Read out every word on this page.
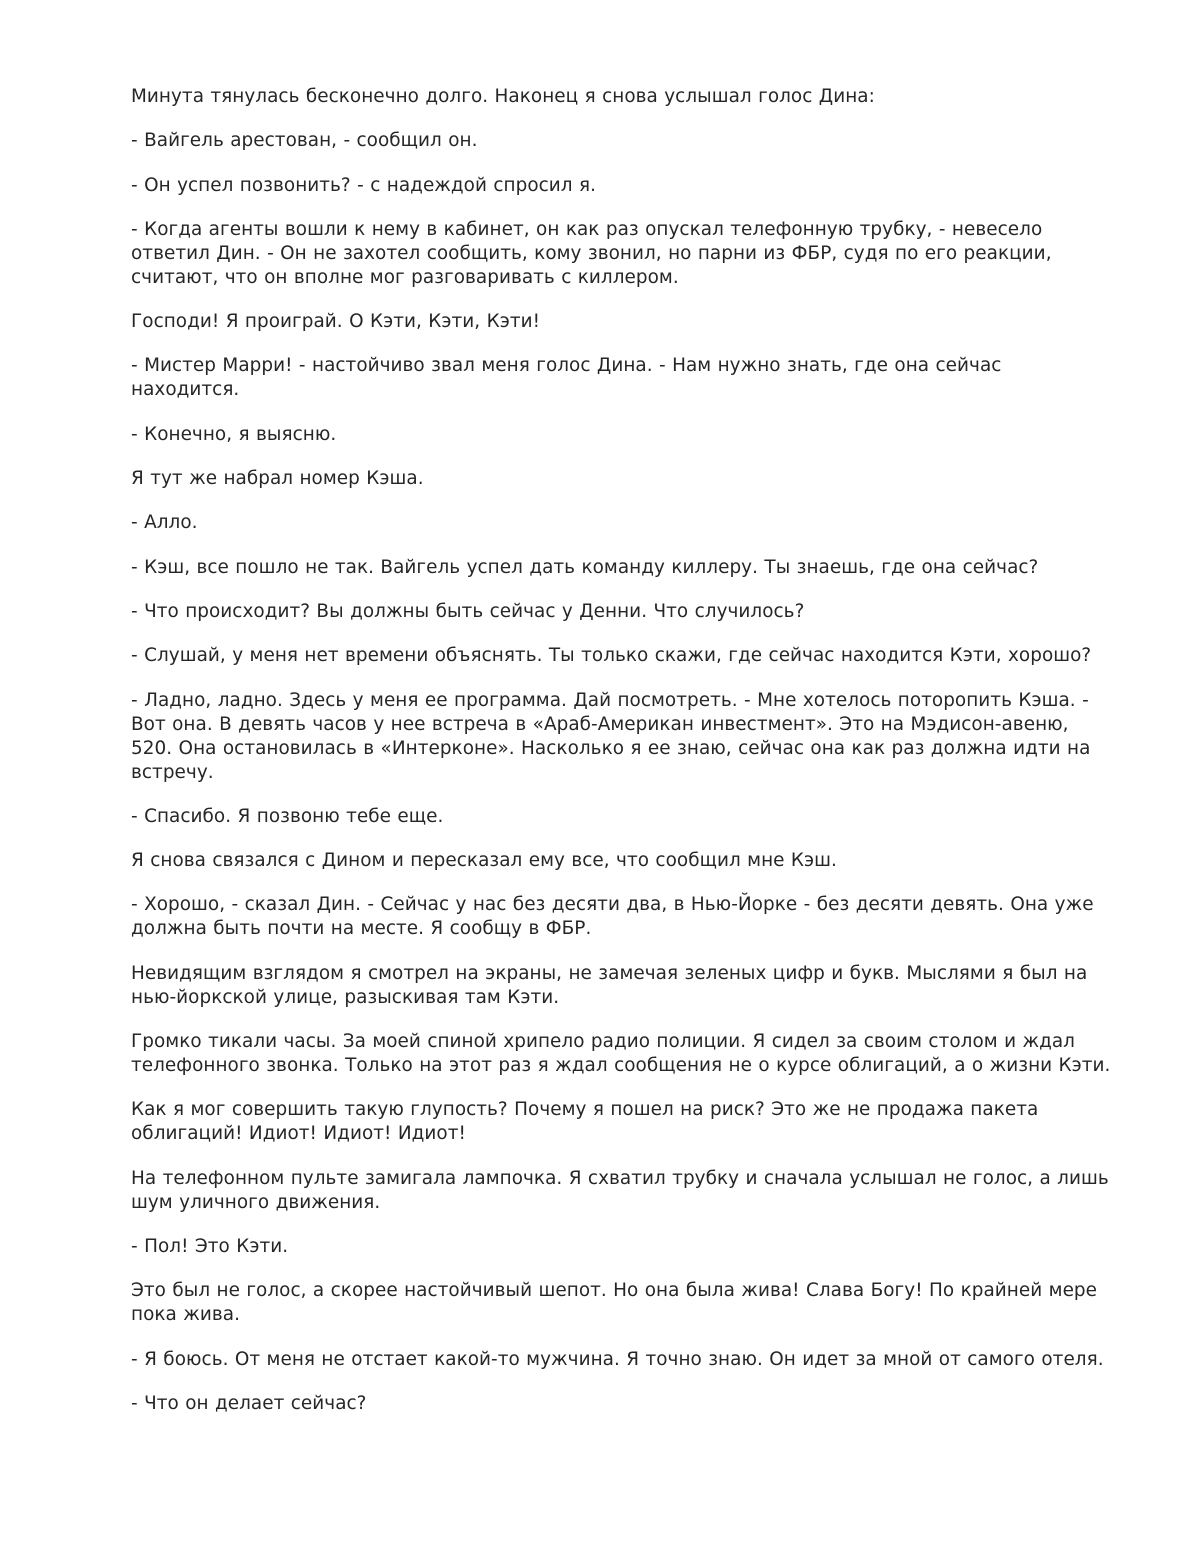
Минута тянулась бесконечно долго. Наконец я снова услышал голос Дина:

- Вайгель арестован, - сообщил он.

- Он успел позвонить? - с надеждой спросил я.

- Когда агенты вошли к нему в кабинет, он как раз опускал телефонную трубку, - невесело ответил Дин. - Он не захотел сообщить, кому звонил, но парни из ФБР, судя по его реакции, считают, что он вполне мог разговаривать с киллером.

Господи! Я проиграй. О Кэти, Кэти, Кэти!

- Мистер Марри! - настойчиво звал меня голос Дина. - Нам нужно знать, где она сейчас находится.

- Конечно, я выясню.

Я тут же набрал номер Кэша.

- Алло.

- Кэш, все пошло не так. Вайгель успел дать команду киллеру. Ты знаешь, где она сейчас?

- Что происходит? Вы должны быть сейчас у Денни. Что случилось?

- Слушай, у меня нет времени объяснять. Ты только скажи, где сейчас находится Кэти, хорошо?

- Ладно, ладно. Здесь у меня ее программа. Дай посмотреть. - Мне хотелось поторопить Кэша. - Вот она. В девять часов у нее встреча в «Араб-Американ инвестмент». Это на Мэдисон-авеню, 520. Она остановилась в «Интерконе». Насколько я ее знаю, сейчас она как раз должна идти на встречу.

- Спасибо. Я позвоню тебе еще.

Я снова связался с Дином и пересказал ему все, что сообщил мне Кэш.

- Хорошо, - сказал Дин. - Сейчас у нас без десяти два, в Нью-Йорке - без десяти девять. Она уже должна быть почти на месте. Я сообщу в ФБР.

Невидящим взглядом я смотрел на экраны, не замечая зеленых цифр и букв. Мыслями я был на нью-йоркской улице, разыскивая там Кэти.

Громко тикали часы. За моей спиной хрипело радио полиции. Я сидел за своим столом и ждал телефонного звонка. Только на этот раз я ждал сообщения не о курсе облигаций, а о жизни Кэти.

Как я мог совершить такую глупость? Почему я пошел на риск? Это же не продажа пакета облигаций! Идиот! Идиот! Идиот!

На телефонном пульте замигала лампочка. Я схватил трубку и сначала услышал не голос, а лишь шум уличного движения.

- Пол! Это Кэти.

Это был не голос, а скорее настойчивый шепот. Но она была жива! Слава Богу! По крайней мере пока жива.

- Я боюсь. От меня не отстает какой-то мужчина. Я точно знаю. Он идет за мной от самого отеля.

- Что он делает сейчас?
